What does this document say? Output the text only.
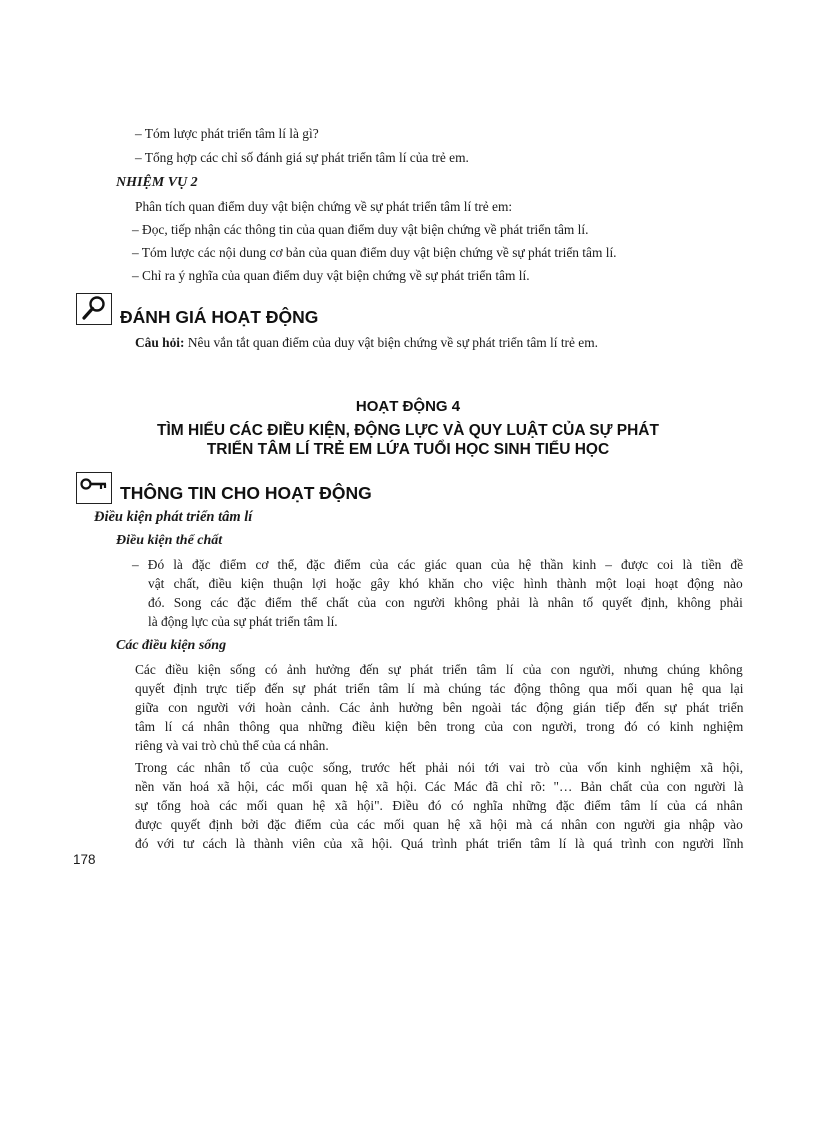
– Tóm lược phát triển tâm lí là gì?
– Tổng hợp các chỉ số đánh giá sự phát triển tâm lí của trẻ em.
NHIỆM VỤ 2
Phân tích quan điểm duy vật biện chứng về sự phát triển tâm lí trẻ em:
– Đọc, tiếp nhận các thông tin của quan điểm duy vật biện chứng về phát triển tâm lí.
– Tóm lược các nội dung cơ bản của quan điểm duy vật biện chứng về sự phát triển tâm lí.
– Chỉ ra ý nghĩa của quan điểm duy vật biện chứng về sự phát triển tâm lí.
ĐÁNH GIÁ HOẠT ĐỘNG
Câu hỏi: Nêu vắn tắt quan điểm của duy vật biện chứng về sự phát triển tâm lí trẻ em.
HOẠT ĐỘNG 4
TÌM HIỂU CÁC ĐIỀU KIỆN, ĐỘNG LỰC VÀ QUY LUẬT CỦA SỰ PHÁT
TRIỂN TÂM LÍ TRẺ EM LỨA TUỔI HỌC SINH TIỂU HỌC
THÔNG TIN CHO HOẠT ĐỘNG
Điều kiện phát triển tâm lí
Điều kiện thể chất
– Đó là đặc điểm cơ thể, đặc điểm của các giác quan của hệ thần kinh – được coi là tiền đề
vật chất, điều kiện thuận lợi hoặc gây khó khăn cho việc hình thành một loại hoạt động nào
đó. Song các đặc điểm thể chất của con người không phải là nhân tố quyết định, không phải
là động lực của sự phát triển tâm lí.
Các điều kiện sống
Các điều kiện sống có ảnh hưởng đến sự phát triển tâm lí của con người, nhưng chúng không
quyết định trực tiếp đến sự phát triển tâm lí mà chúng tác động thông qua mối quan hệ qua lại
giữa con người với hoàn cảnh. Các ảnh hưởng bên ngoài tác động gián tiếp đến sự phát triển
tâm lí cá nhân thông qua những điều kiện bên trong của con người, trong đó có kinh nghiệm
riêng và vai trò chủ thể của cá nhân.
Trong các nhân tố của cuộc sống, trước hết phải nói tới vai trò của vốn kinh nghiệm xã hội,
nền văn hoá xã hội, các mối quan hệ xã hội. Các Mác đã chỉ rõ: "… Bản chất của con người là
sự tổng hoà các mối quan hệ xã hội". Điều đó có nghĩa những đặc điểm tâm lí của cá nhân
được quyết định bởi đặc điểm của các mối quan hệ xã hội mà cá nhân con người gia nhập vào
đó với tư cách là thành viên của xã hội. Quá trình phát triển tâm lí là quá trình con người lĩnh
178
